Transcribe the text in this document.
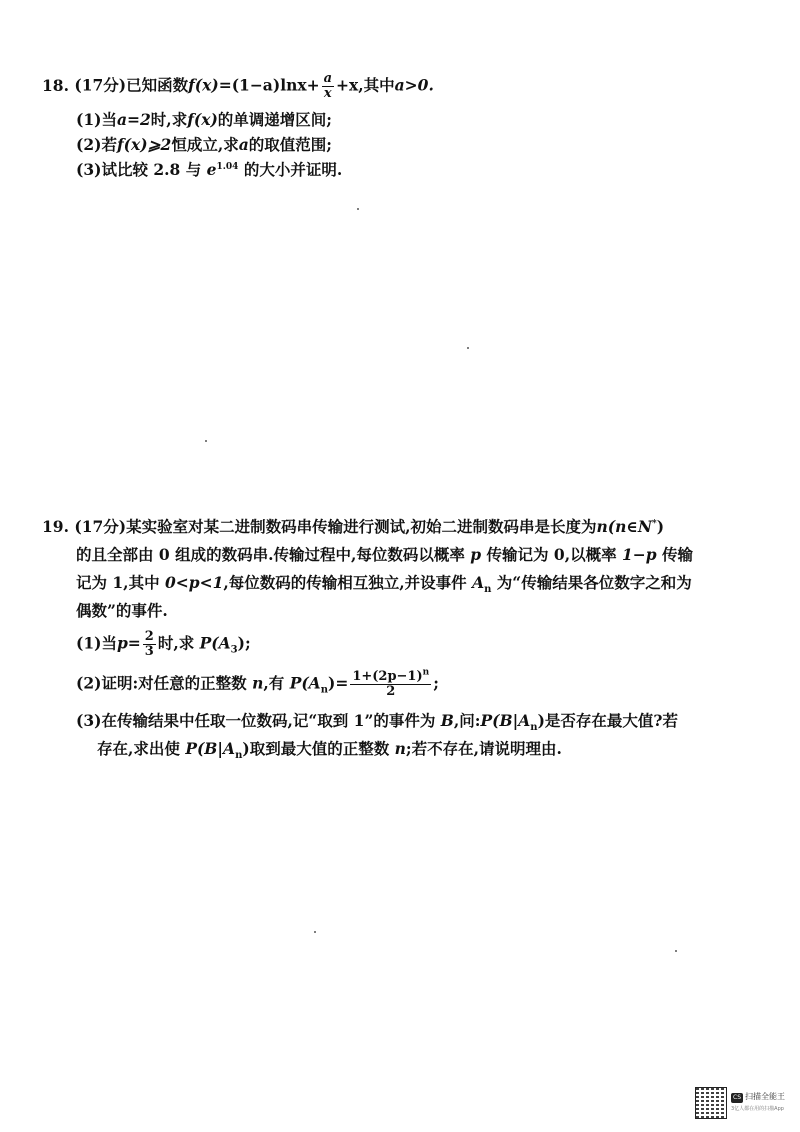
18. (17分)已知函数$f(x)=(1-a)\ln x+ \frac{a}{x} +x$,其中a>0.
(1)当a=2时,求f(x)的单调递增区间;
(2)若f(x)⩾2恒成立,求a的取值范围;
(3)试比较 2.8 与 $e^{1.04}$ 的大小并证明.
19. (17分)某实验室对某二进制数码串传输进行测试,初始二进制数码串是长度为n(n∈N*)
的且全部由 0 组成的数码串.传输过程中,每位数码以概率 p 传输记为 0,以概率 1−p 传输
记为 1,其中 0<p<1,每位数码的传输相互独立,并设事件 $A_n$ 为“传输结果各位数字之和为
偶数”的事件.
(1)当$p= \frac{2}{3}$ 时,求 $P(A_3)$;
(2)证明:对任意的正整数 n,有 $P(A_n)= \frac{1+(2p-1)^n}{2}$ ;
(3)在传输结果中任取一位数码,记“取到 1”的事件为 B,问$:P(B|A_n)$是否存在最大值?若
存在,求出使 $P(B|A_n)$取到最大值的正整数 n;若不存在,请说明理由.
CS 扫描全能王
3亿人都在用的扫描App
